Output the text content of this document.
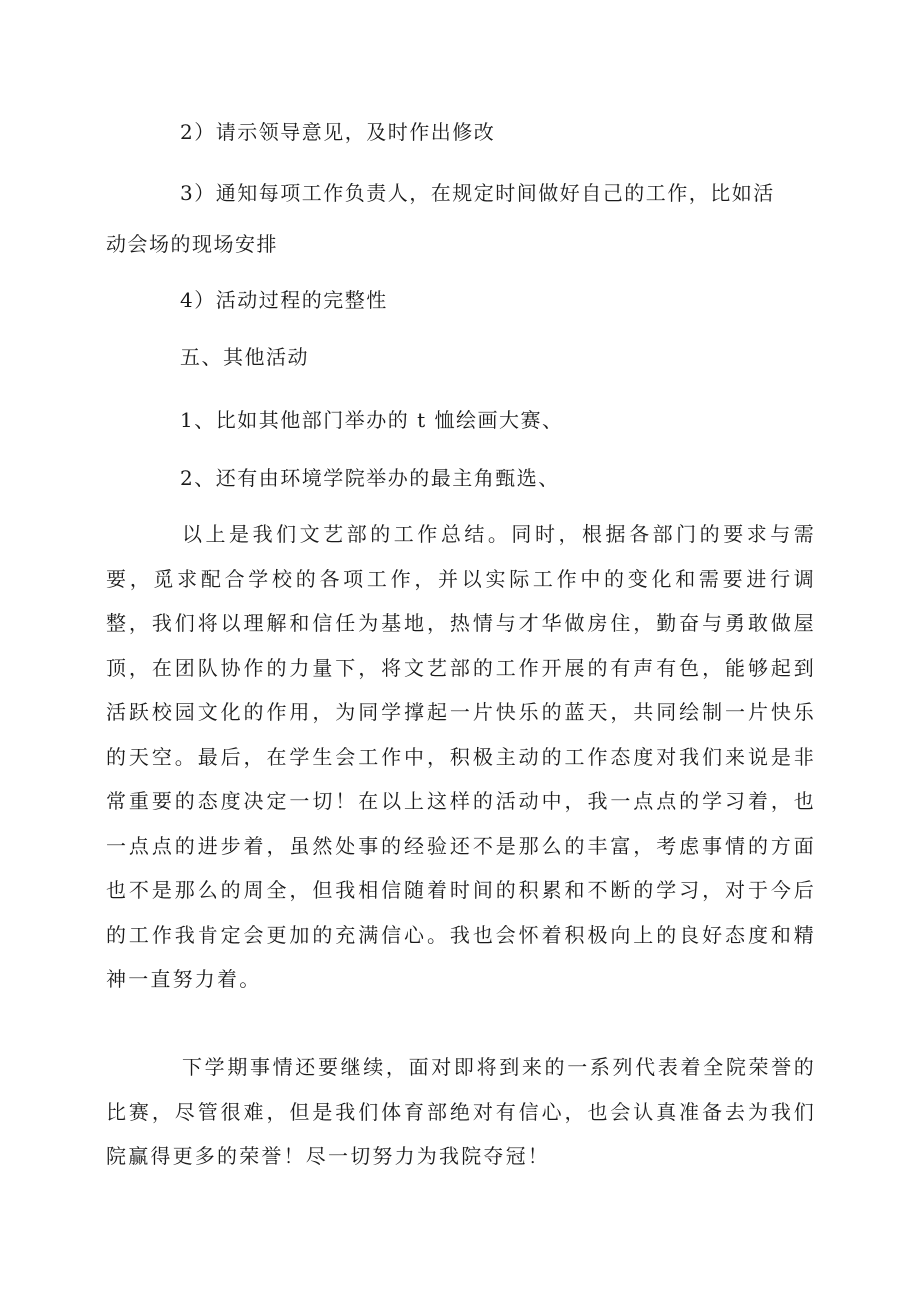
2）请示领导意见，及时作出修改

3）通知每项工作负责人，在规定时间做好自己的工作，比如活

动会场的现场安排

4）活动过程的完整性

五、其他活动

1、比如其他部门举办的 t 恤绘画大赛、

2、还有由环境学院举办的最主角甄选、

以上是我们文艺部的工作总结。同时，根据各部门的要求与需要，觅求配合学校的各项工作，并以实际工作中的变化和需要进行调整，我们将以理解和信任为基地，热情与才华做房住，勤奋与勇敢做屋顶，在团队协作的力量下，将文艺部的工作开展的有声有色，能够起到活跃校园文化的作用，为同学撑起一片快乐的蓝天，共同绘制一片快乐的天空。最后，在学生会工作中，积极主动的工作态度对我们来说是非常重要的态度决定一切！在以上这样的活动中，我一点点的学习着，也一点点的进步着，虽然处事的经验还不是那么的丰富，考虑事情的方面也不是那么的周全，但我相信随着时间的积累和不断的学习，对于今后的工作我肯定会更加的充满信心。我也会怀着积极向上的良好态度和精神一直努力着。

下学期事情还要继续，面对即将到来的一系列代表着全院荣誉的比赛，尽管很难，但是我们体育部绝对有信心，也会认真准备去为我们院赢得更多的荣誉！尽一切努力为我院夺冠！
